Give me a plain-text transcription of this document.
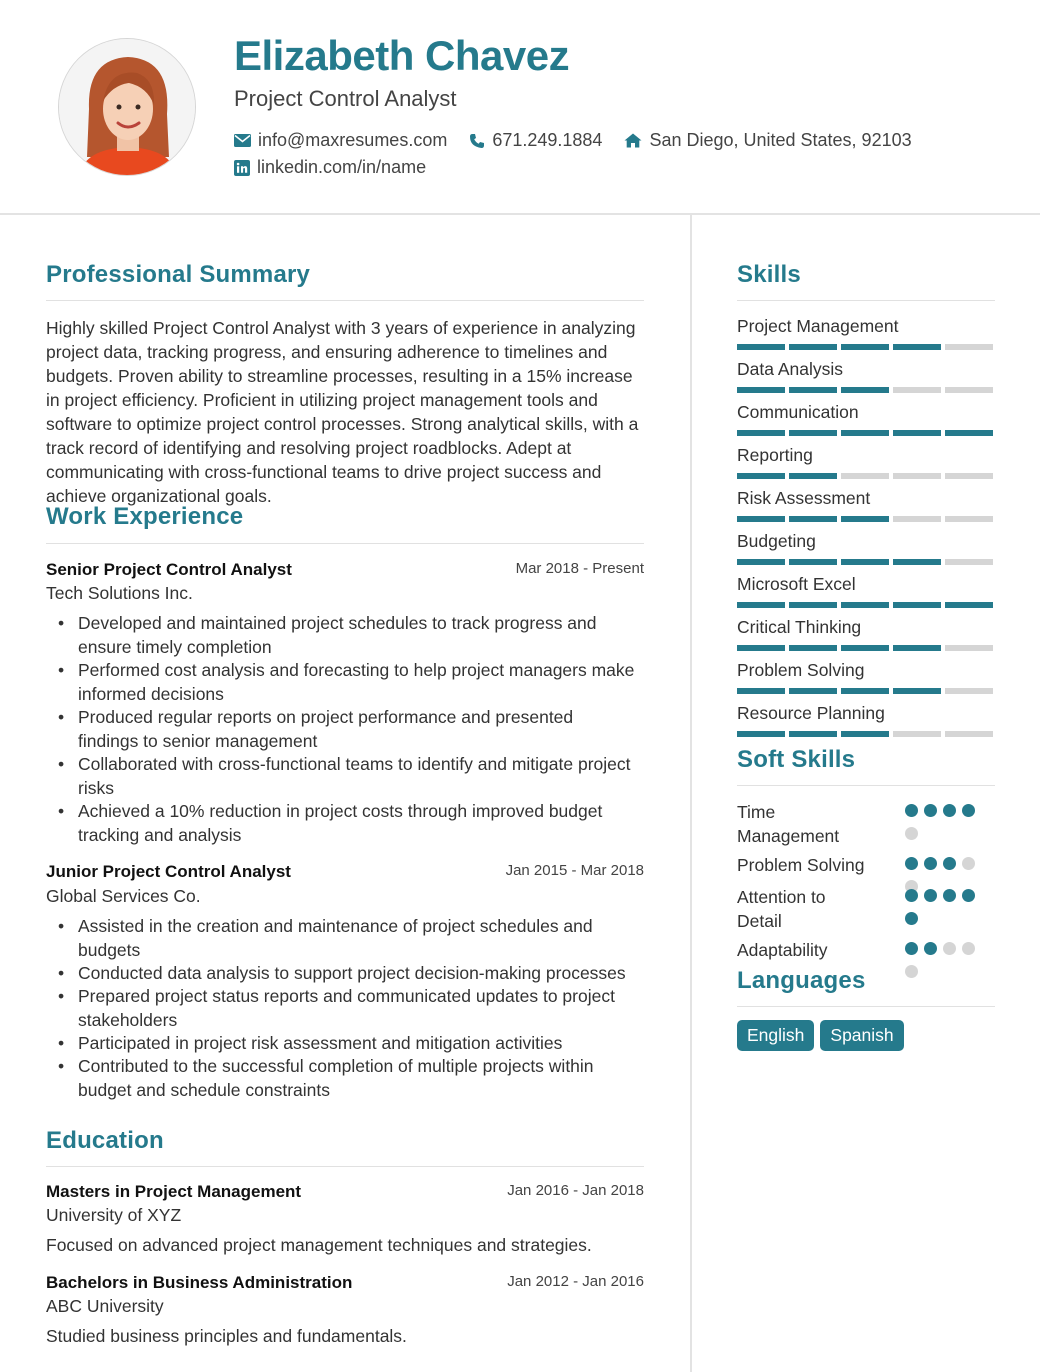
Elizabeth Chavez
Project Control Analyst
info@maxresumes.com	671.249.1884	San Diego, United States, 92103
linkedin.com/in/name
Professional Summary
Highly skilled Project Control Analyst with 3 years of experience in analyzing project data, tracking progress, and ensuring adherence to timelines and budgets. Proven ability to streamline processes, resulting in a 15% increase in project efficiency. Proficient in utilizing project management tools and software to optimize project control processes. Strong analytical skills, with a track record of identifying and resolving project roadblocks. Adept at communicating with cross-functional teams to drive project success and achieve organizational goals.
Work Experience
Senior Project Control Analyst	Mar 2018 - Present
Tech Solutions Inc.
• Developed and maintained project schedules to track progress and ensure timely completion
• Performed cost analysis and forecasting to help project managers make informed decisions
• Produced regular reports on project performance and presented findings to senior management
• Collaborated with cross-functional teams to identify and mitigate project risks
• Achieved a 10% reduction in project costs through improved budget tracking and analysis
Junior Project Control Analyst	Jan 2015 - Mar 2018
Global Services Co.
• Assisted in the creation and maintenance of project schedules and budgets
• Conducted data analysis to support project decision-making processes
• Prepared project status reports and communicated updates to project stakeholders
• Participated in project risk assessment and mitigation activities
• Contributed to the successful completion of multiple projects within budget and schedule constraints
Education
Masters in Project Management	Jan 2016 - Jan 2018
University of XYZ
Focused on advanced project management techniques and strategies.
Bachelors in Business Administration	Jan 2012 - Jan 2016
ABC University
Studied business principles and fundamentals.
Skills
Project Management
Data Analysis
Communication
Reporting
Risk Assessment
Budgeting
Microsoft Excel
Critical Thinking
Problem Solving
Resource Planning
Soft Skills
Time Management
Problem Solving
Attention to Detail
Adaptability
Languages
English	Spanish
